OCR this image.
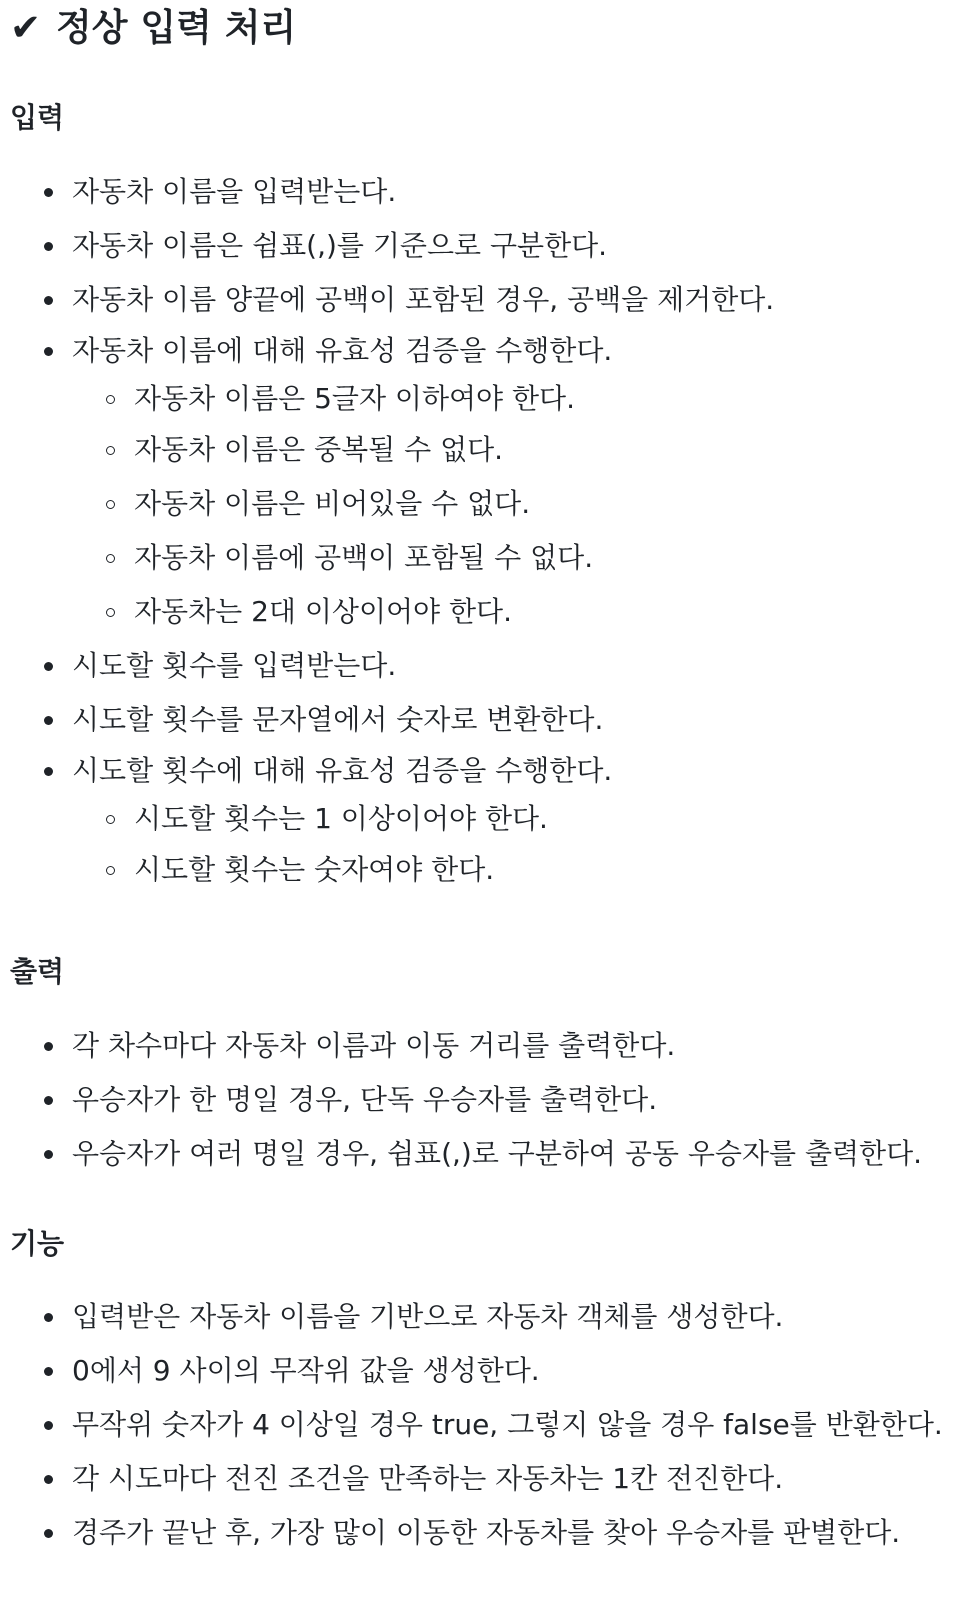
✔ 정상 입력 처리
입력
자동차 이름을 입력받는다.
자동차 이름은 쉼표(,)를 기준으로 구분한다.
자동차 이름 양끝에 공백이 포함된 경우, 공백을 제거한다.
자동차 이름에 대해 유효성 검증을 수행한다.
자동차 이름은 5글자 이하여야 한다.
자동차 이름은 중복될 수 없다.
자동차 이름은 비어있을 수 없다.
자동차 이름에 공백이 포함될 수 없다.
자동차는 2대 이상이어야 한다.
시도할 횟수를 입력받는다.
시도할 횟수를 문자열에서 숫자로 변환한다.
시도할 횟수에 대해 유효성 검증을 수행한다.
시도할 횟수는 1 이상이어야 한다.
시도할 횟수는 숫자여야 한다.
출력
각 차수마다 자동차 이름과 이동 거리를 출력한다.
우승자가 한 명일 경우, 단독 우승자를 출력한다.
우승자가 여러 명일 경우, 쉼표(,)로 구분하여 공동 우승자를 출력한다.
기능
입력받은 자동차 이름을 기반으로 자동차 객체를 생성한다.
0에서 9 사이의 무작위 값을 생성한다.
무작위 숫자가 4 이상일 경우 true, 그렇지 않을 경우 false를 반환한다.
각 시도마다 전진 조건을 만족하는 자동차는 1칸 전진한다.
경주가 끝난 후, 가장 많이 이동한 자동차를 찾아 우승자를 판별한다.
